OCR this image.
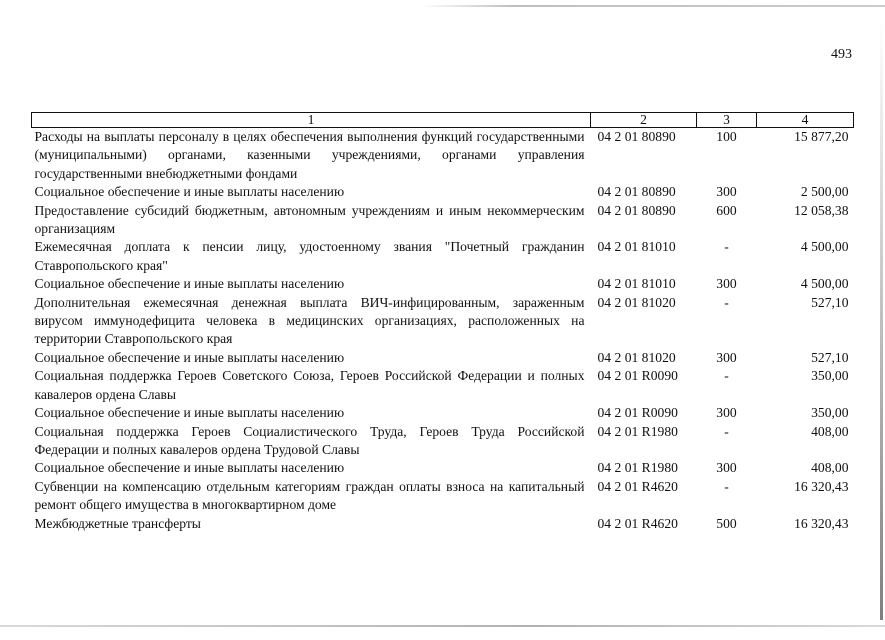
493
1	2	3	4
Расходы на выплаты персоналу в целях обеспечения выполнения функций государственными (муниципальными) органами, казенными учреждениями, органами управления государственными внебюджетными фондами	04 2 01 80890	100	15 877,20
Социальное обеспечение и иные выплаты населению	04 2 01 80890	300	2 500,00
Предоставление субсидий бюджетным, автономным учреждениям и иным некоммерческим организациям	04 2 01 80890	600	12 058,38
Ежемесячная доплата к пенсии лицу, удостоенному звания "Почетный гражданин Ставропольского края"	04 2 01 81010	-	4 500,00
Социальное обеспечение и иные выплаты населению	04 2 01 81010	300	4 500,00
Дополнительная ежемесячная денежная выплата ВИЧ-инфицированным, зараженным вирусом иммунодефицита человека в медицинских организациях, расположенных на территории Ставропольского края	04 2 01 81020	-	527,10
Социальное обеспечение и иные выплаты населению	04 2 01 81020	300	527,10
Социальная поддержка Героев Советского Союза, Героев Российской Федерации и полных кавалеров ордена Славы	04 2 01 R0090	-	350,00
Социальное обеспечение и иные выплаты населению	04 2 01 R0090	300	350,00
Социальная поддержка Героев Социалистического Труда, Героев Труда Российской Федерации и полных кавалеров ордена Трудовой Славы	04 2 01 R1980	-	408,00
Социальное обеспечение и иные выплаты населению	04 2 01 R1980	300	408,00
Субвенции на компенсацию отдельным категориям граждан оплаты взноса на капитальный ремонт общего имущества в многоквартирном доме	04 2 01 R4620	-	16 320,43
Межбюджетные трансферты	04 2 01 R4620	500	16 320,43
